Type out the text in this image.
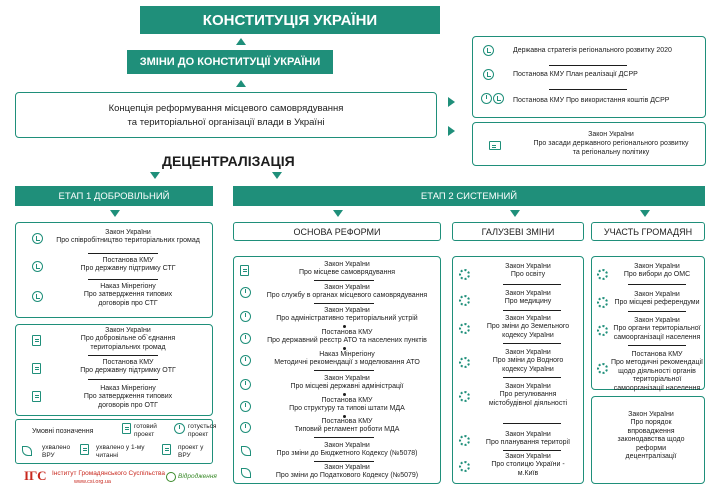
КОНСТИТУЦІЯ УКРАЇНИ
ЗМІНИ ДО КОНСТИТУЦІЇ УКРАЇНИ
Концепція реформування місцевого самоврядування
та територіальної організації влади в Україні
ДЕЦЕНТРАЛІЗАЦІЯ
Державна стратегія регіонального розвитку 2020
Постанова КМУ План реалізації ДСРР
Постанова КМУ Про використання коштів ДСРР
Закон України
Про засади державного регіонального розвитку
та регіональну політику
ЕТАП 1 ДОБРОВІЛЬНИЙ
Закон України
Про співробітництво територіальних громад
Постанова КМУ
Про державну підтримку СТГ
Наказ Мінрегіону
Про затвердження типових
договорів про СТГ
Закон України
Про добровільне об`єднання
територіальних громад
Постанова КМУ
Про державну підтримку ОТГ
Наказ Мінрегіону
Про затвердження типових
договорів про ОТГ
Умовні позначення
готовий проект
готується проект
ухвалено ВРУ
ухвалено у 1-му читанні
проект у ВРУ
ІГС Інститут Громадянського Суспільства
www.csi.org.ua
Відродження
ЕТАП 2 СИСТЕМНИЙ
ОСНОВА РЕФОРМИ	ГАЛУЗЕВІ ЗМІНИ	УЧАСТЬ ГРОМАДЯН
Закон України
Про місцеве самоврядування
Закон України
Про службу в органах місцевого самоврядування
Закон України
Про адміністративно територіальний устрій
Постанова КМУ
Про державний реєстр АТО та населених пунктів
Наказ Мінрегіону
Методичні рекомендації з моделювання АТО
Закон України
Про місцеві державні адміністрації
Постанова КМУ
Про структуру та типові штати МДА
Постанова КМУ
Типовий регламент роботи МДА
Закон України
Про зміни до Бюджетного Кодексу (№5078)
Закон України
Про зміни до Податкового Кодексу (№5079)
Закон України
Про освіту
Закон України
Про медицину
Закон України
Про зміни до Земельного
кодексу України
Закон України
Про зміни до Водного
кодексу України
Закон України
Про регулювання
містобудівної діяльності
Закон України
Про планування території
Закон України
Про столицю України -
м.Київ
Закон України
Про вибори до ОМС
Закон України
Про місцеві референдуми
Закон України
Про органи територіальної
самоорганізації населення
Постанова КМУ
Про методичні рекомендації
щодо діяльності органів територіальної самоорганізації населення
Закон України
Про порядок впровадження
законодавства щодо реформи децентралізації
